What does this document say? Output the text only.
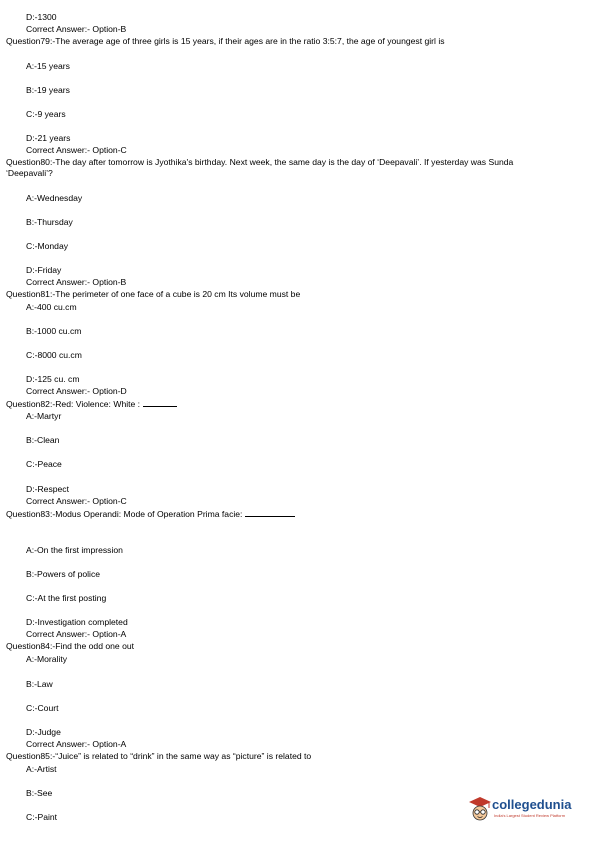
D:-1300
Correct Answer:- Option-B
Question79:-The average age of three girls is 15 years, if their ages are in the ratio 3:5:7, the age of youngest girl is
A:-15 years
B:-19 years
C:-9 years
D:-21 years
Correct Answer:- Option-C
Question80:-The day after tomorrow is Jyothika's birthday. Next week, the same day is the day of ‘Deepavali’. If yesterday was Sunda
‘Deepavali’?
A:-Wednesday
B:-Thursday
C:-Monday
D:-Friday
Correct Answer:- Option-B
Question81:-The perimeter of one face of a cube is 20 cm Its volume must be
A:-400 cu.cm
B:-1000 cu.cm
C:-8000 cu.cm
D:-125 cu. cm
Correct Answer:- Option-D
Question82:-Red: Violence: White :
A:-Martyr
B:-Clean
C:-Peace
D:-Respect
Correct Answer:- Option-C
Question83:-Modus Operandi: Mode of Operation Prima facie:
A:-On the first impression
B:-Powers of police
C:-At the first posting
D:-Investigation completed
Correct Answer:- Option-A
Question84:-Find the odd one out
A:-Morality
B:-Law
C:-Court
D:-Judge
Correct Answer:- Option-A
Question85:-“Juice” is related to “drink” in the same way as “picture” is related to
A:-Artist
B:-See
C:-Paint
collegedunia
India's Largest Student Review Platform
